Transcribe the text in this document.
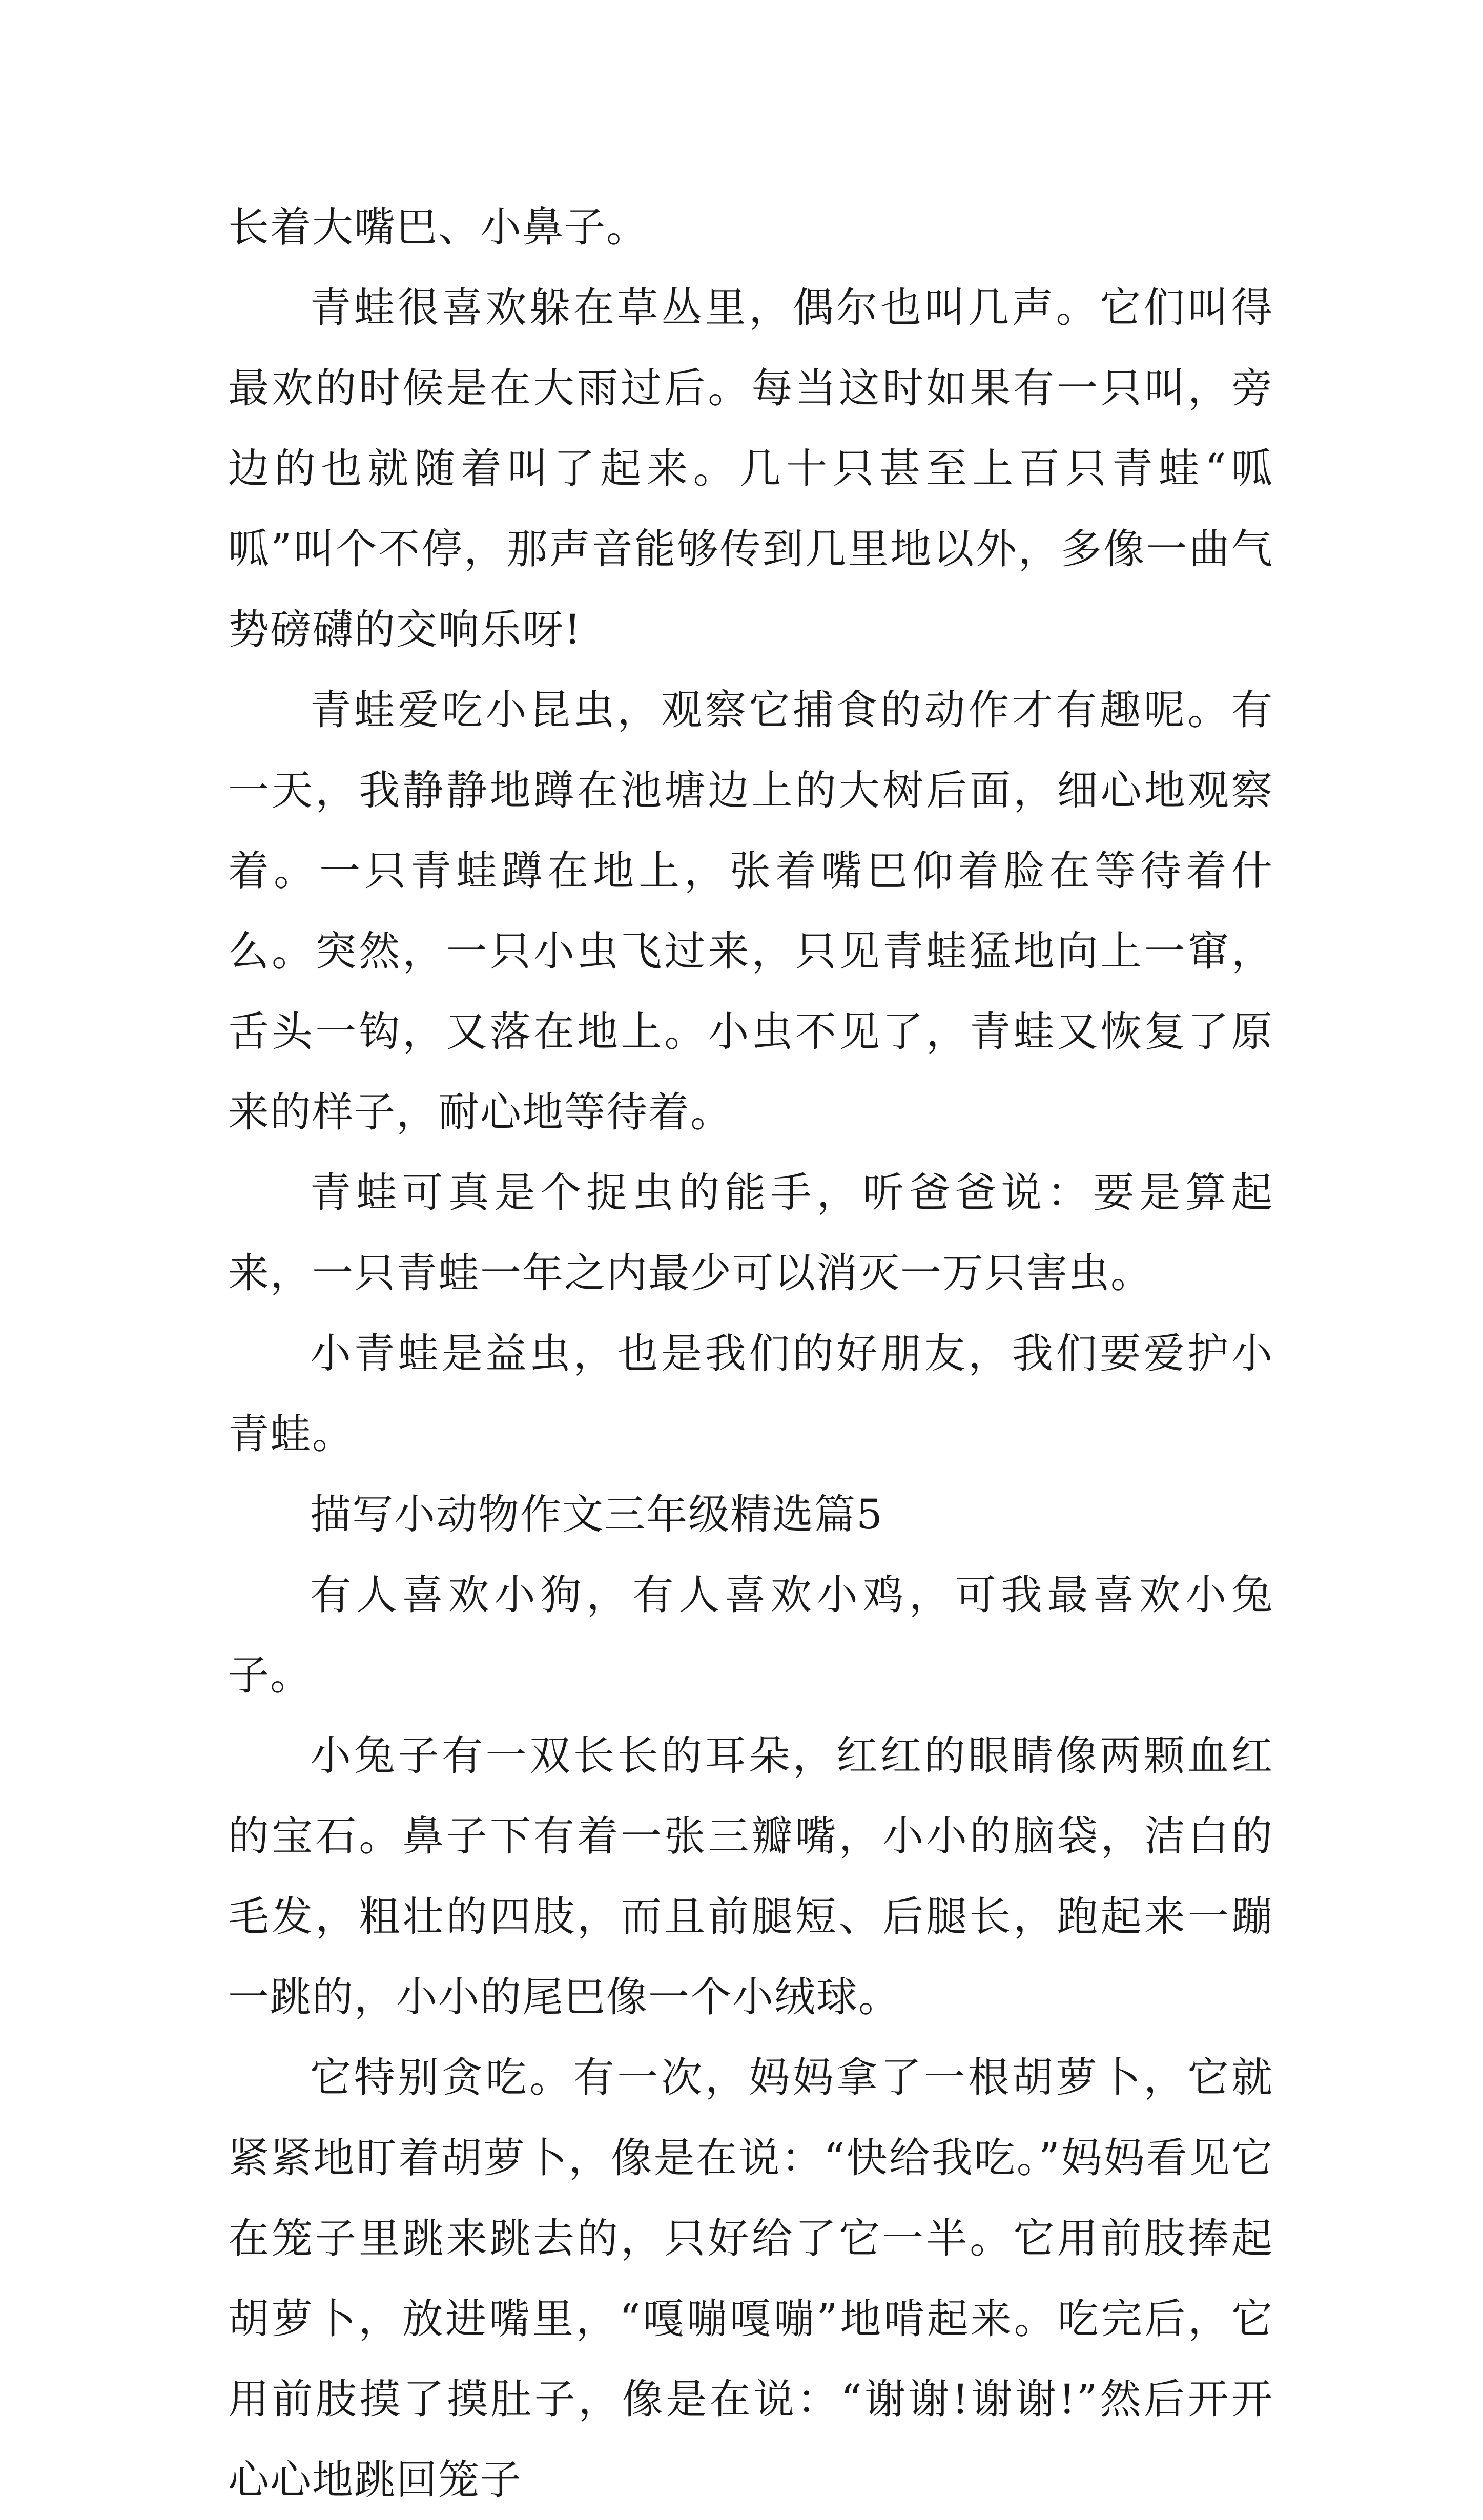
长着大嘴巴、小鼻子。

青蛙很喜欢躲在草丛里，偶尔也叫几声。它们叫得最欢的时候是在大雨过后。每当这时如果有一只叫，旁边的也就随着叫了起来。几十只甚至上百只青蛙“呱呱”叫个不停，那声音能够传到几里地以外，多像一曲气势磅礴的交响乐呀!

青蛙爱吃小昆虫，观察它捕食的动作才有趣呢。有一天，我静静地蹲在池塘边上的大树后面，细心地观察着。一只青蛙蹲在地上，张着嘴巴仰着脸在等待着什么。突然，一只小虫飞过来，只见青蛙猛地向上一窜，舌头一钩，又落在地上。小虫不见了，青蛙又恢复了原来的样子，耐心地等待着。

青蛙可真是个捉虫的能手，听爸爸说：要是算起来，一只青蛙一年之内最少可以消灭一万只害虫。

小青蛙是益虫，也是我们的好朋友，我们要爱护小青蛙。

描写小动物作文三年级精选篇5

有人喜欢小狗，有人喜欢小鸡，可我最喜欢小兔子。

小兔子有一双长长的耳朵，红红的眼睛像两颗血红的宝石。鼻子下有着一张三瓣嘴，小小的脑袋，洁白的毛发，粗壮的四肢，而且前腿短、后腿长，跑起来一蹦一跳的，小小的尾巴像一个小绒球。

它特别贪吃。有一次，妈妈拿了一根胡萝卜，它就紧紧地盯着胡萝卜，像是在说：“快给我吃。”妈妈看见它在笼子里跳来跳去的，只好给了它一半。它用前肢捧起胡萝卜，放进嘴里，“嘎嘣嘎嘣”地啃起来。吃完后，它用前肢摸了摸肚子，像是在说：“谢谢!谢谢!”然后开开心心地跳回笼子
